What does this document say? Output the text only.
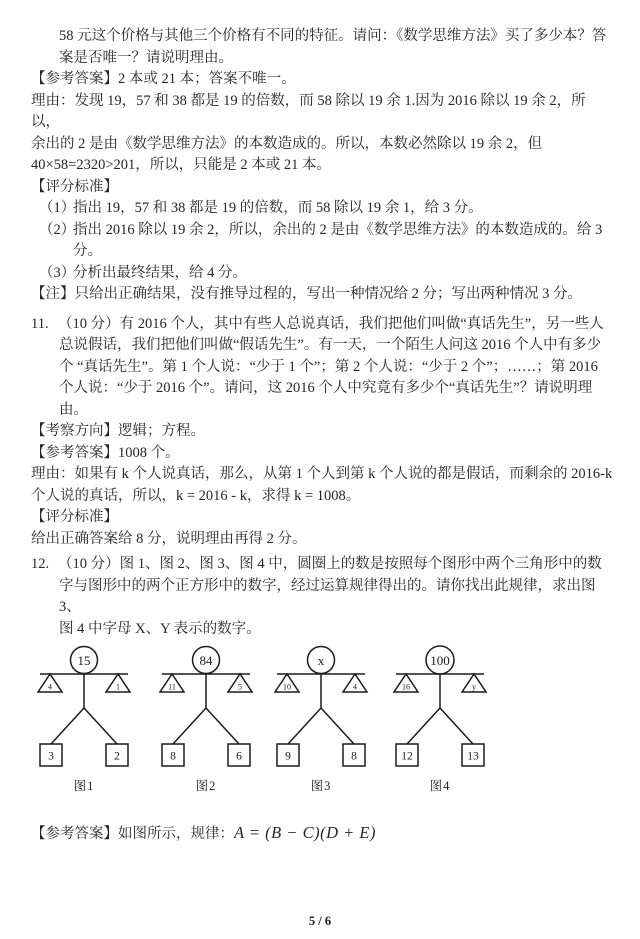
58 元这个价格与其他三个价格有不同的特征。请问：《数学思维方法》买了多少本？答
案是否唯一？请说明理由。
【参考答案】2 本或 21 本；答案不唯一。
理由：发现 19，57 和 38 都是 19 的倍数，而 58 除以 19 余 1.因为 2016 除以 19 余 2，所以，
余出的 2 是由《数学思维方法》的本数造成的。所以，本数必然除以 19 余 2，但
40×58=2320>201，所以，只能是 2 本或 21 本。
【评分标准】
（1）指出 19，57 和 38 都是 19 的倍数，而 58 除以 19 余 1，给 3 分。
（2）指出 2016 除以 19 余 2，所以，余出的 2 是由《数学思维方法》的本数造成的。给 3
分。
（3）分析出最终结果，给 4 分。
【注】只给出正确结果，没有推导过程的，写出一种情况给 2 分；写出两种情况 3 分。
11. （10 分）有 2016 个人，其中有些人总说真话，我们把他们叫做“真话先生”，另一些人
总说假话，我们把他们叫做“假话先生”。有一天，一个陌生人问这 2016 个人中有多少
个 “真话先生”。第 1 个人说：“少于 1 个”；第 2 个人说：“少于 2 个”；……；第 2016
个人说：“少于 2016 个”。请问，这 2016 个人中究竟有多少个“真话先生”？请说明理
由。
【考察方向】逻辑；方程。
【参考答案】1008 个。
理由：如果有 k 个人说真话，那么，从第 1 个人到第 k 个人说的都是假话，而剩余的 2016-k
个人说的真话，所以，k = 2016 - k，求得 k = 1008。
【评分标准】
给出正确答案给 8 分，说明理由再得 2 分。
12. （10 分）图 1、图 2、图 3、图 4 中，圆圈上的数是按照每个图形中两个三角形中的数
字与图形中的两个正方形中的数字，经过运算规律得出的。请你找出此规律，求出图 3、
图 4 中字母 X、Y 表示的数字。
15
4	1
3	2
图1
84
11	5
8	6
图2
x
10	4
9	8
图3
100
16	y
12	13
图4
【参考答案】如图所示，规律：A = (B − C)(D + E)
5 / 6
